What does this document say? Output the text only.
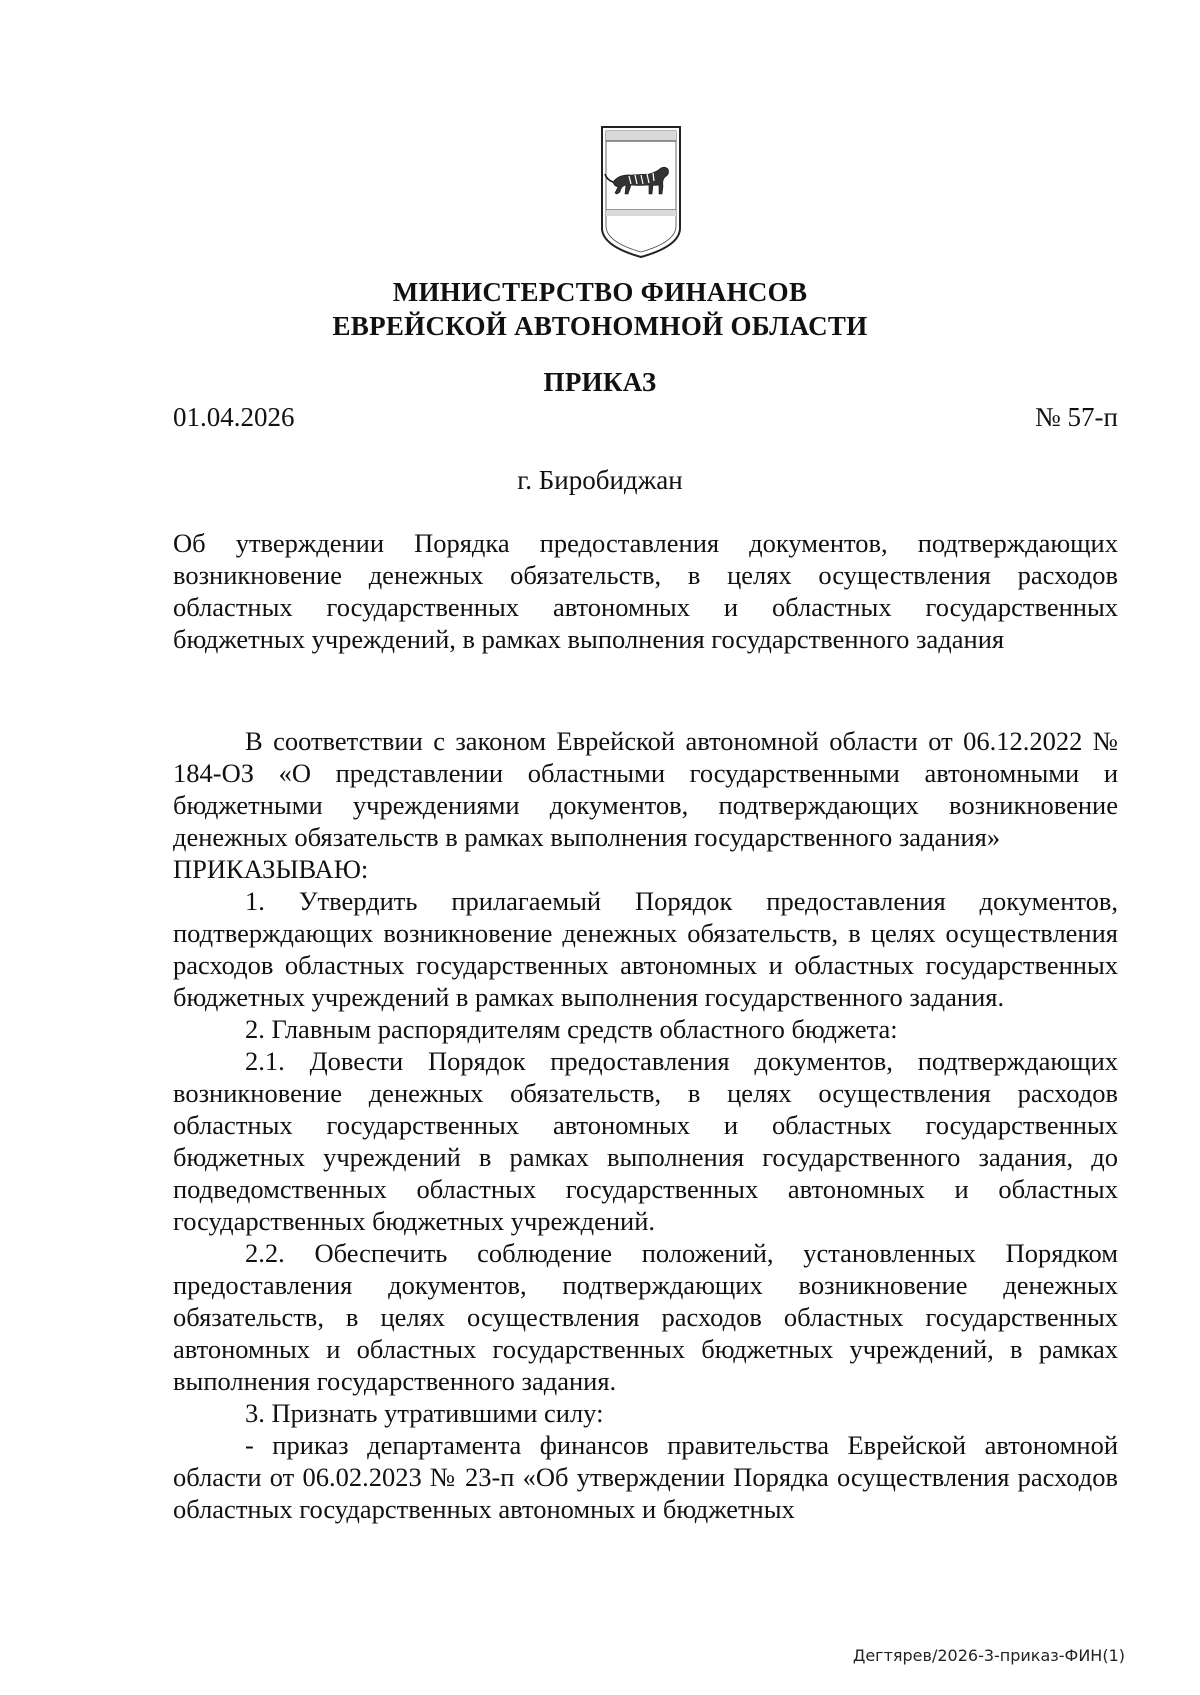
МИНИСТЕРСТВО ФИНАНСОВ
ЕВРЕЙСКОЙ АВТОНОМНОЙ ОБЛАСТИ
ПРИКАЗ
01.04.2026	№ 57-п
г. Биробиджан
Об утверждении Порядка предоставления документов, подтверждающих возникновение денежных обязательств, в целях осуществления расходов областных государственных автономных и областных государственных бюджетных учреждений, в рамках выполнения государственного задания

В соответствии с законом Еврейской автономной области от 06.12.2022 № 184-ОЗ «О представлении областными государственными автономными и бюджетными учреждениями документов, подтверждающих возникновение денежных обязательств в рамках выполнения государственного задания»

ПРИКАЗЫВАЮ:

1. Утвердить прилагаемый Порядок предоставления документов, подтверждающих возникновение денежных обязательств, в целях осуществления расходов областных государственных автономных и областных государственных бюджетных учреждений в рамках выполнения государственного задания.

2. Главным распорядителям средств областного бюджета:

2.1. Довести Порядок предоставления документов, подтверждающих возникновение денежных обязательств, в целях осуществления расходов областных государственных автономных и областных государственных бюджетных учреждений в рамках выполнения государственного задания, до подведомственных областных государственных автономных и областных государственных бюджетных учреждений.

2.2. Обеспечить соблюдение положений, установленных Порядком предоставления документов, подтверждающих возникновение денежных обязательств, в целях осуществления расходов областных государственных автономных и областных государственных бюджетных учреждений, в рамках выполнения государственного задания.

3. Признать утратившими силу:

- приказ департамента финансов правительства Еврейской автономной области от 06.02.2023 № 23-п «Об утверждении Порядка осуществления расходов областных государственных автономных и бюджетных

Дегтярев/2026-3-приказ-ФИН(1)
